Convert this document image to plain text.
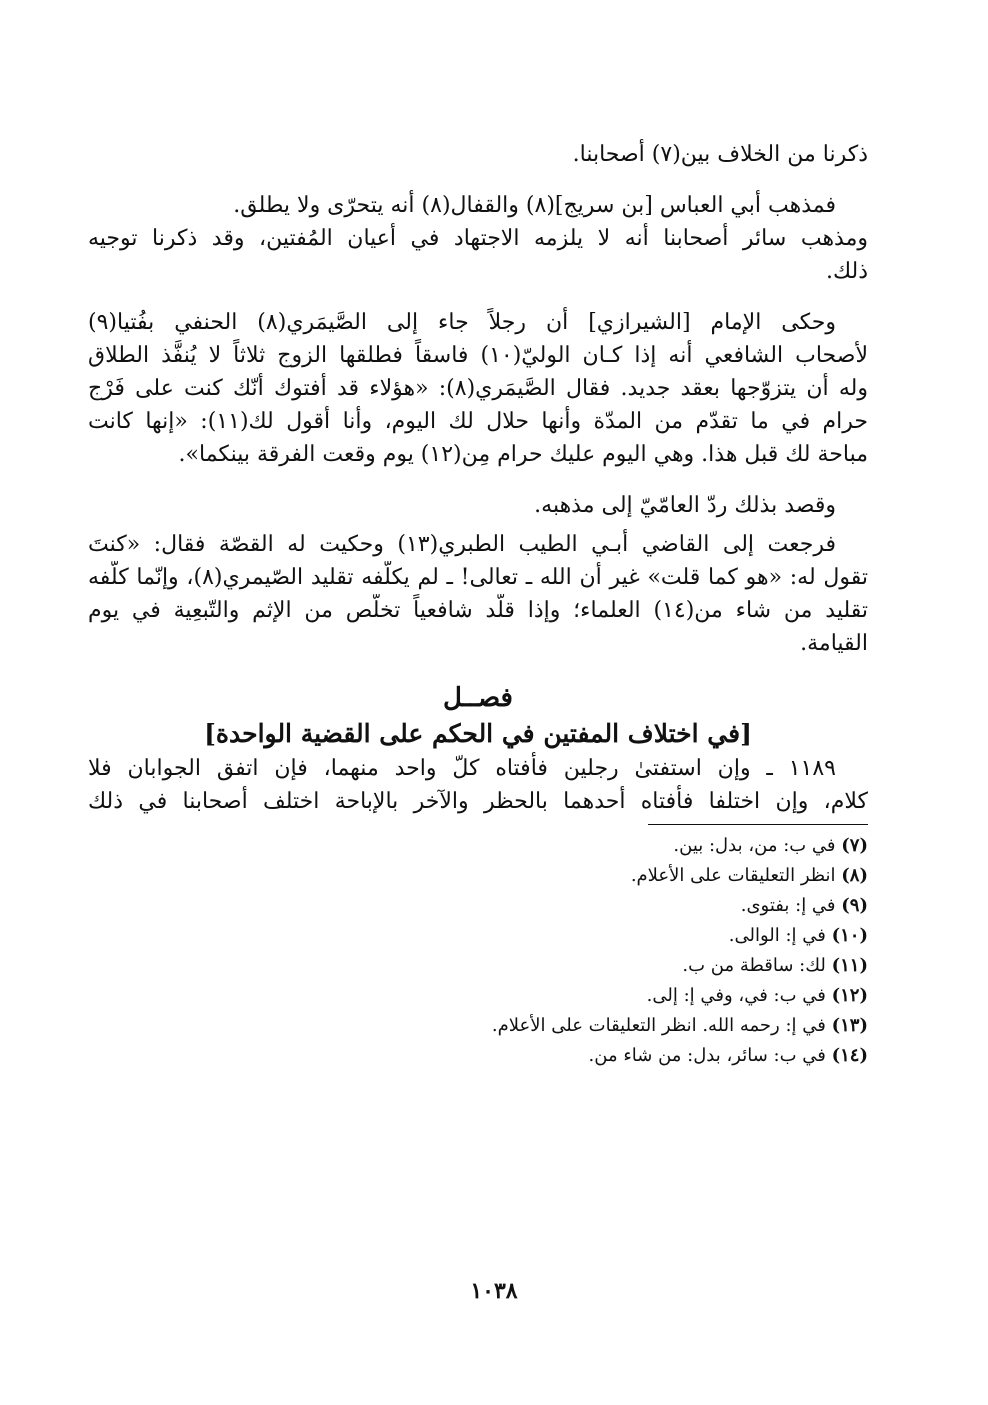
ذكرنا من الخلاف بين(٧) أصحابنا.

فمذهب أبي العباس [بن سريج](٨) والقفال(٨) أنه يتحرّى ولا يطلق.

ومذهب سائر أصحابنا أنه لا يلزمه الاجتهاد في أعيان المُفتين، وقد ذكرنا توجيه

ذلك.

وحكى الإمام [الشيرازي] أن رجلاً جاء إلى الصَّيمَري(٨) الحنفي بفُتيا(٩)

لأصحاب الشافعي أنه إذا كـان الوليّ(١٠) فاسقاً فطلقها الزوج ثلاثاً لا يُنفَّذ الطلاق

وله أن يتزوّجها بعقد جديد. فقال الصَّيمَري(٨): «هؤلاء قد أفتوك أنّك كنت على فَرْج

حرام في ما تقدّم من المدّة وأنها حلال لك اليوم، وأنا أقول لك(١١): «إنها كانت

مباحة لك قبل هذا. وهي اليوم عليك حرام مِن(١٢) يوم وقعت الفرقة بينكما».

وقصد بذلك ردّ العامّيّ إلى مذهبه.

فرجعت إلى القاضي أبـي الطيب الطبري(١٣) وحكيت له القصّة فقال: «كنتَ

تقول له: «هو كما قلت» غير أن الله ـ تعالى! ـ لم يكلّفه تقليد الصّيمري(٨)، وإنّما كلّفه

تقليد من شاء من(١٤) العلماء؛ وإذا قلّد شافعياً تخلّص من الإثم والتّبعِية في يوم

القيامة.

فصــل
[في اختلاف المفتين في الحكم على القضية الواحدة]

١١٨٩ ـ وإن استفتىٰ رجلين فأفتاه كلّ واحد منهما، فإن اتفق الجوابان فلا

كلام، وإن اختلفا فأفتاه أحدهما بالحظر والآخر بالإباحة اختلف أصحابنا في ذلك

(٧) في ب: من، بدل: بين.
(٨) انظر التعليقات على الأعلام.
(٩) في إ: بفتوى.
(١٠) في إ: الوالى.
(١١) لك: ساقطة من ب.
(١٢) في ب: في، وفي إ: إلى.
(١٣) في إ: رحمه الله. انظر التعليقات على الأعلام.
(١٤) في ب: سائر، بدل: من شاء من.
١٠٣٨
